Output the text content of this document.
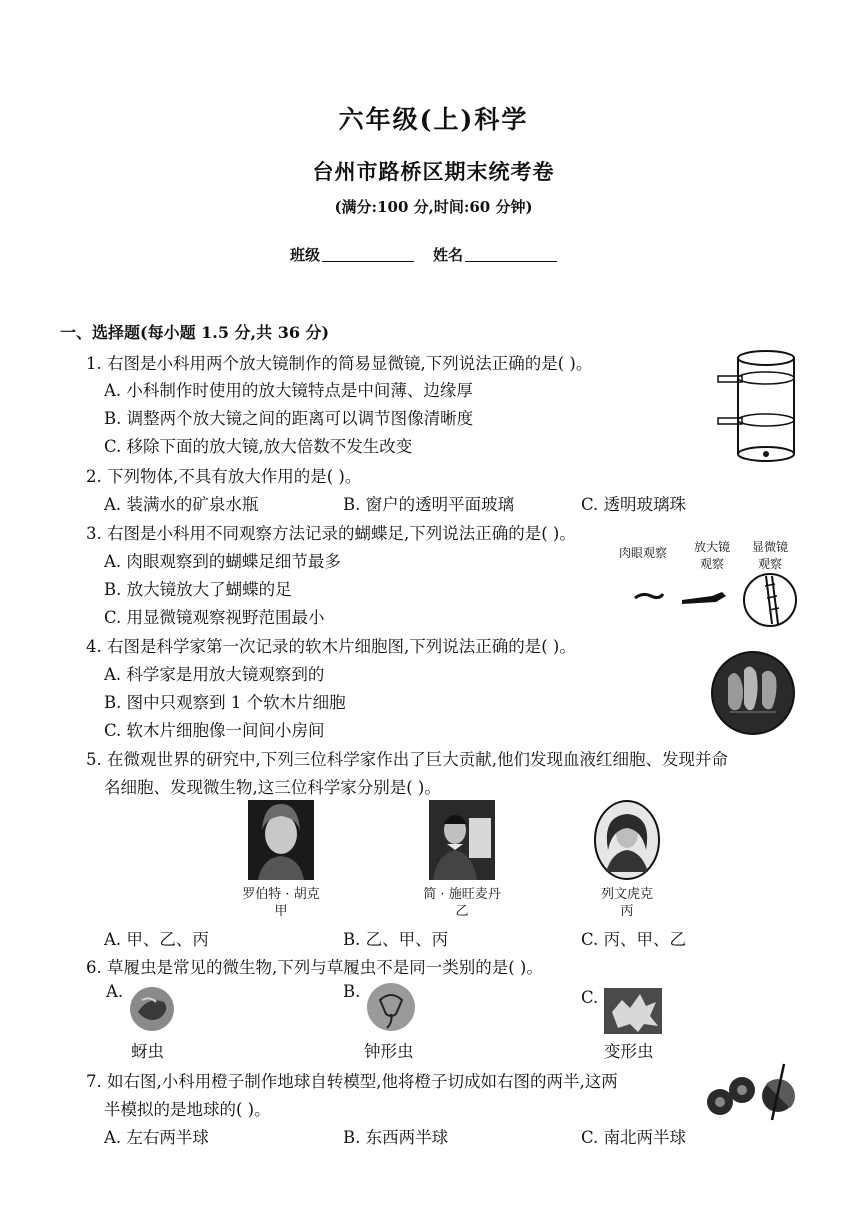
六年级(上)科学
台州市路桥区期末统考卷
(满分:100 分,时间:60 分钟)
班级	姓名
一、选择题(每小题 1.5 分,共 36 分)
1. 右图是小科用两个放大镜制作的简易显微镜,下列说法正确的是( )。
A. 小科制作时使用的放大镜特点是中间薄、边缘厚
B. 调整两个放大镜之间的距离可以调节图像清晰度
C. 移除下面的放大镜,放大倍数不发生改变
2. 下列物体,不具有放大作用的是( )。
A. 装满水的矿泉水瓶	B. 窗户的透明平面玻璃	C. 透明玻璃珠
3. 右图是小科用不同观察方法记录的蝴蝶足,下列说法正确的是( )。
A. 肉眼观察到的蝴蝶足细节最多
B. 放大镜放大了蝴蝶的足
C. 用显微镜观察视野范围最小
肉眼观察	放大镜
观察
显微镜
观察
4. 右图是科学家第一次记录的软木片细胞图,下列说法正确的是( )。
A. 科学家是用放大镜观察到的
B. 图中只观察到 1 个软木片细胞
C. 软木片细胞像一间间小房间
5. 在微观世界的研究中,下列三位科学家作出了巨大贡献,他们发现血液红细胞、发现并命
名细胞、发现微生物,这三位科学家分别是( )。
罗伯特 · 胡克
甲
简 · 施旺麦丹
乙
列文虎克
丙
A. 甲、乙、丙	B. 乙、甲、丙	C. 丙、甲、乙
6. 草履虫是常见的微生物,下列与草履虫不是同一类别的是( )。
A.
蚜虫
B.
钟形虫
C.
变形虫
7. 如右图,小科用橙子制作地球自转模型,他将橙子切成如右图的两半,这两
半模拟的是地球的( )。
A. 左右两半球	B. 东西两半球	C. 南北两半球
